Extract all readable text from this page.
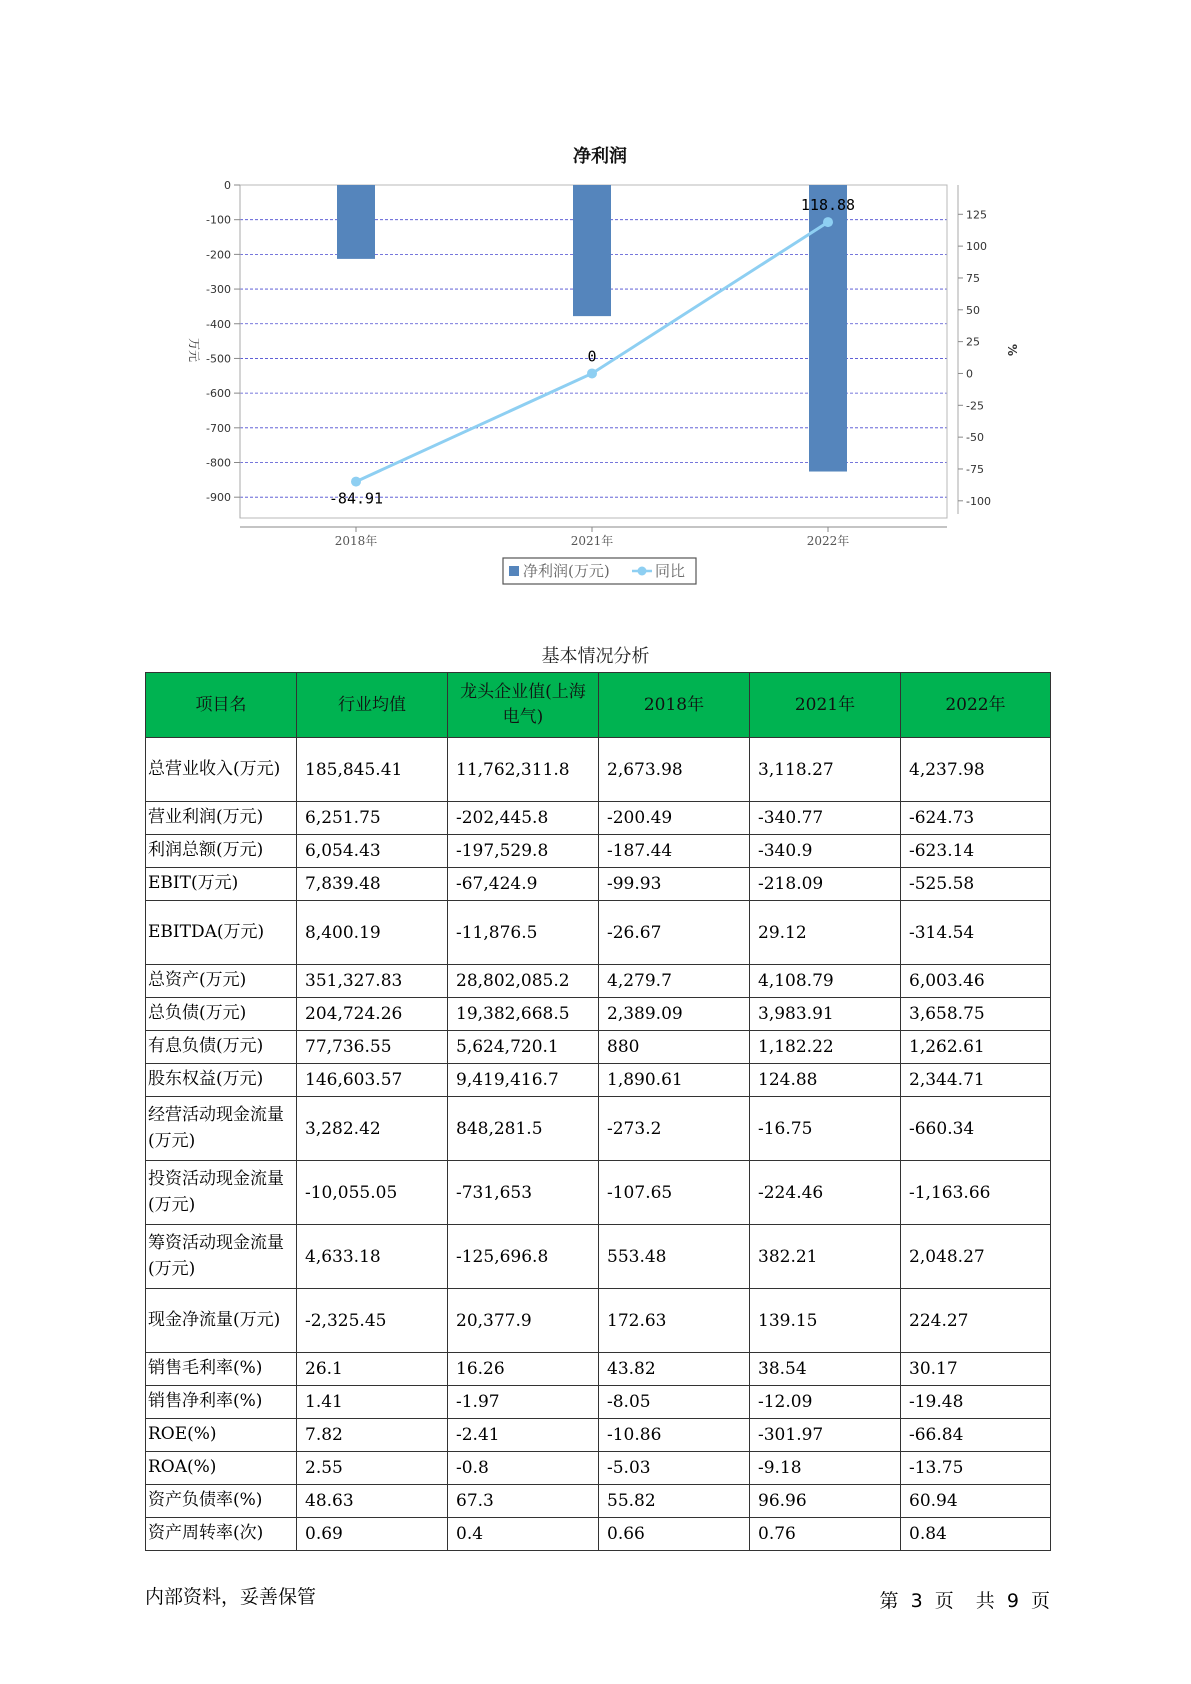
净利润
0
-100
-200
-300
-400
-500
-600
-700
-800
-900
125
100
75
50
25
0
-25
-50
-75
-100
万元	%
-84.91
0
118.88
2018年	2021年	2022年
净利润(万元)	同比
基本情况分析
项目名	行业均值	龙头企业值(上海电气)	2018年	2021年	2022年
总营业收入(万元)	185,845.41	11,762,311.8	2,673.98	3,118.27	4,237.98
营业利润(万元)	6,251.75	-202,445.8	-200.49	-340.77	-624.73
利润总额(万元)	6,054.43	-197,529.8	-187.44	-340.9	-623.14
EBIT(万元)	7,839.48	-67,424.9	-99.93	-218.09	-525.58
EBITDA(万元)	8,400.19	-11,876.5	-26.67	29.12	-314.54
总资产(万元)	351,327.83	28,802,085.2	4,279.7	4,108.79	6,003.46
总负债(万元)	204,724.26	19,382,668.5	2,389.09	3,983.91	3,658.75
有息负债(万元)	77,736.55	5,624,720.1	880	1,182.22	1,262.61
股东权益(万元)	146,603.57	9,419,416.7	1,890.61	124.88	2,344.71
经营活动现金流量(万元)	3,282.42	848,281.5	-273.2	-16.75	-660.34
投资活动现金流量(万元)	-10,055.05	-731,653	-107.65	-224.46	-1,163.66
筹资活动现金流量(万元)	4,633.18	-125,696.8	553.48	382.21	2,048.27
现金净流量(万元)	-2,325.45	20,377.9	172.63	139.15	224.27
销售毛利率(%)	26.1	16.26	43.82	38.54	30.17
销售净利率(%)	1.41	-1.97	-8.05	-12.09	-19.48
ROE(%)	7.82	-2.41	-10.86	-301.97	-66.84
ROA(%)	2.55	-0.8	-5.03	-9.18	-13.75
资产负债率(%)	48.63	67.3	55.82	96.96	60.94
资产周转率(次)	0.69	0.4	0.66	0.76	0.84
内部资料，妥善保管	第 3 页 共 9 页
